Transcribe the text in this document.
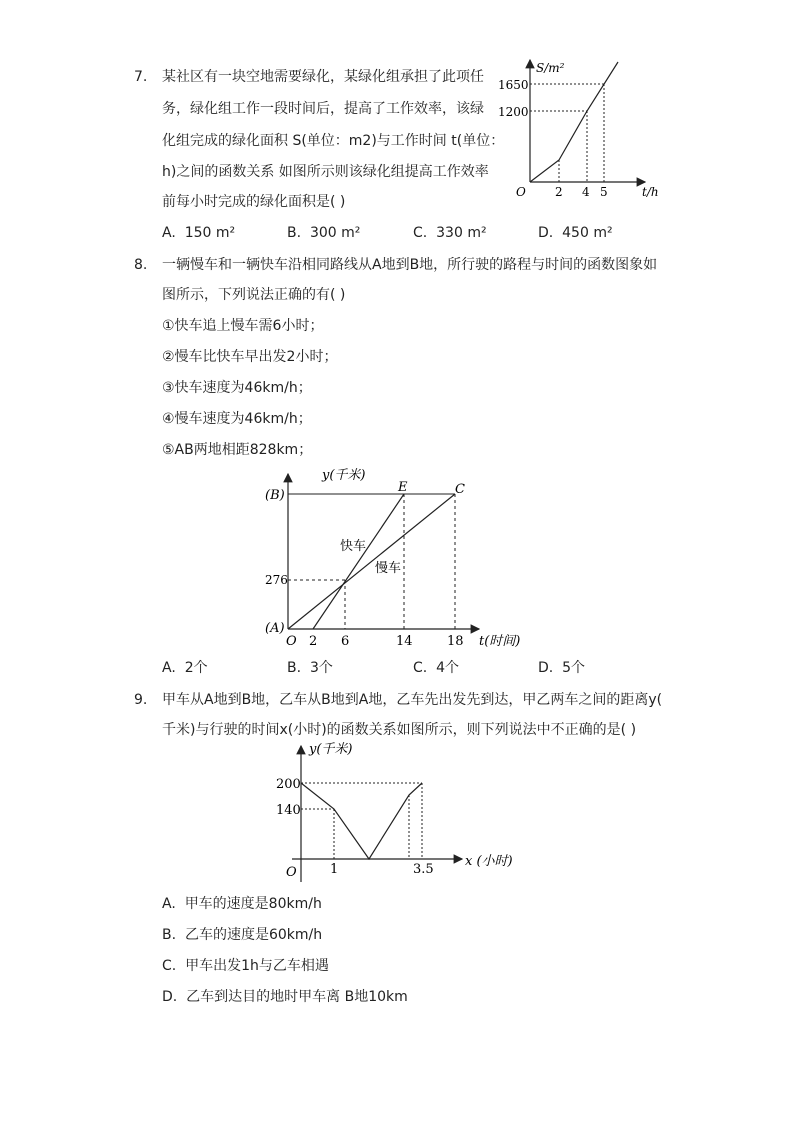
7. 某社区有一块空地需要绿化，某绿化组承担了此项任
务，绿化组工作一段时间后，提高了工作效率，该绿
化组完成的绿化面积 S(单位：m2)与工作时间 t(单位：
h)之间的函数关系 如图所示则该绿化组提高工作效率
前每小时完成的绿化面积是( )
A. 150 m²	B. 300 m²	C. 330 m²	D. 450 m²
S/m²
t/h
O
1650
1200
2 4 5
8. 一辆慢车和一辆快车沿相同路线从A地到B地，所行驶的路程与时间的函数图象如
图所示，下列说法正确的有( )
①快车追上慢车需6小时；
②慢车比快车早出发2小时；
③快车速度为46km/h；
④慢车速度为46km/h；
⑤AB两地相距828km；
y(千米)
t(时间)
O
(B)
(A)
E	C
276
2 6	14	18
快车
慢车
A. 2个	B. 3个	C. 4个	D. 5个
9. 甲车从A地到B地，乙车从B地到A地，乙车先出发先到达，甲乙两车之间的距离y(
千米)与行驶的时间x(小时)的函数关系如图所示，则下列说法中不正确的是( )
y(千米)
x (小时)
O
200
140
1	3.5
A. 甲车的速度是80km/h
B. 乙车的速度是60km/h
C. 甲车出发1h与乙车相遇
D. 乙车到达目的地时甲车离 B地10km
